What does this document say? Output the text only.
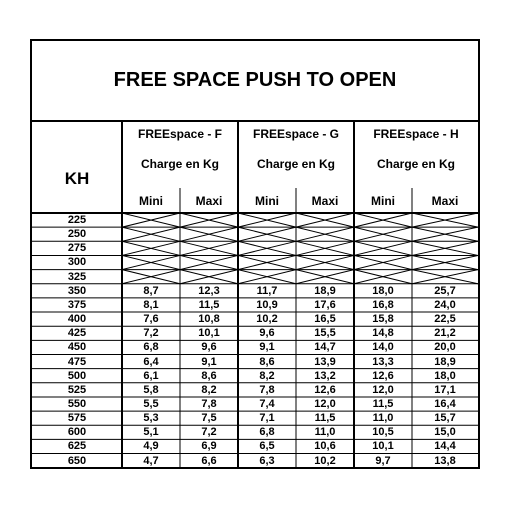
FREE SPACE PUSH TO OPEN
KH
FREEspace - F
Charge en Kg
Mini	Maxi
FREEspace - G
Charge en Kg
Mini	Maxi
FREEspace - H
Charge en Kg
Mini	Maxi
225
250
275
300
325
350	8,7	12,3	11,7	18,9	18,0	25,7
375	8,1	11,5	10,9	17,6	16,8	24,0
400	7,6	10,8	10,2	16,5	15,8	22,5
425	7,2	10,1	9,6	15,5	14,8	21,2
450	6,8	9,6	9,1	14,7	14,0	20,0
475	6,4	9,1	8,6	13,9	13,3	18,9
500	6,1	8,6	8,2	13,2	12,6	18,0
525	5,8	8,2	7,8	12,6	12,0	17,1
550	5,5	7,8	7,4	12,0	11,5	16,4
575	5,3	7,5	7,1	11,5	11,0	15,7
600	5,1	7,2	6,8	11,0	10,5	15,0
625	4,9	6,9	6,5	10,6	10,1	14,4
650	4,7	6,6	6,3	10,2	9,7	13,8
